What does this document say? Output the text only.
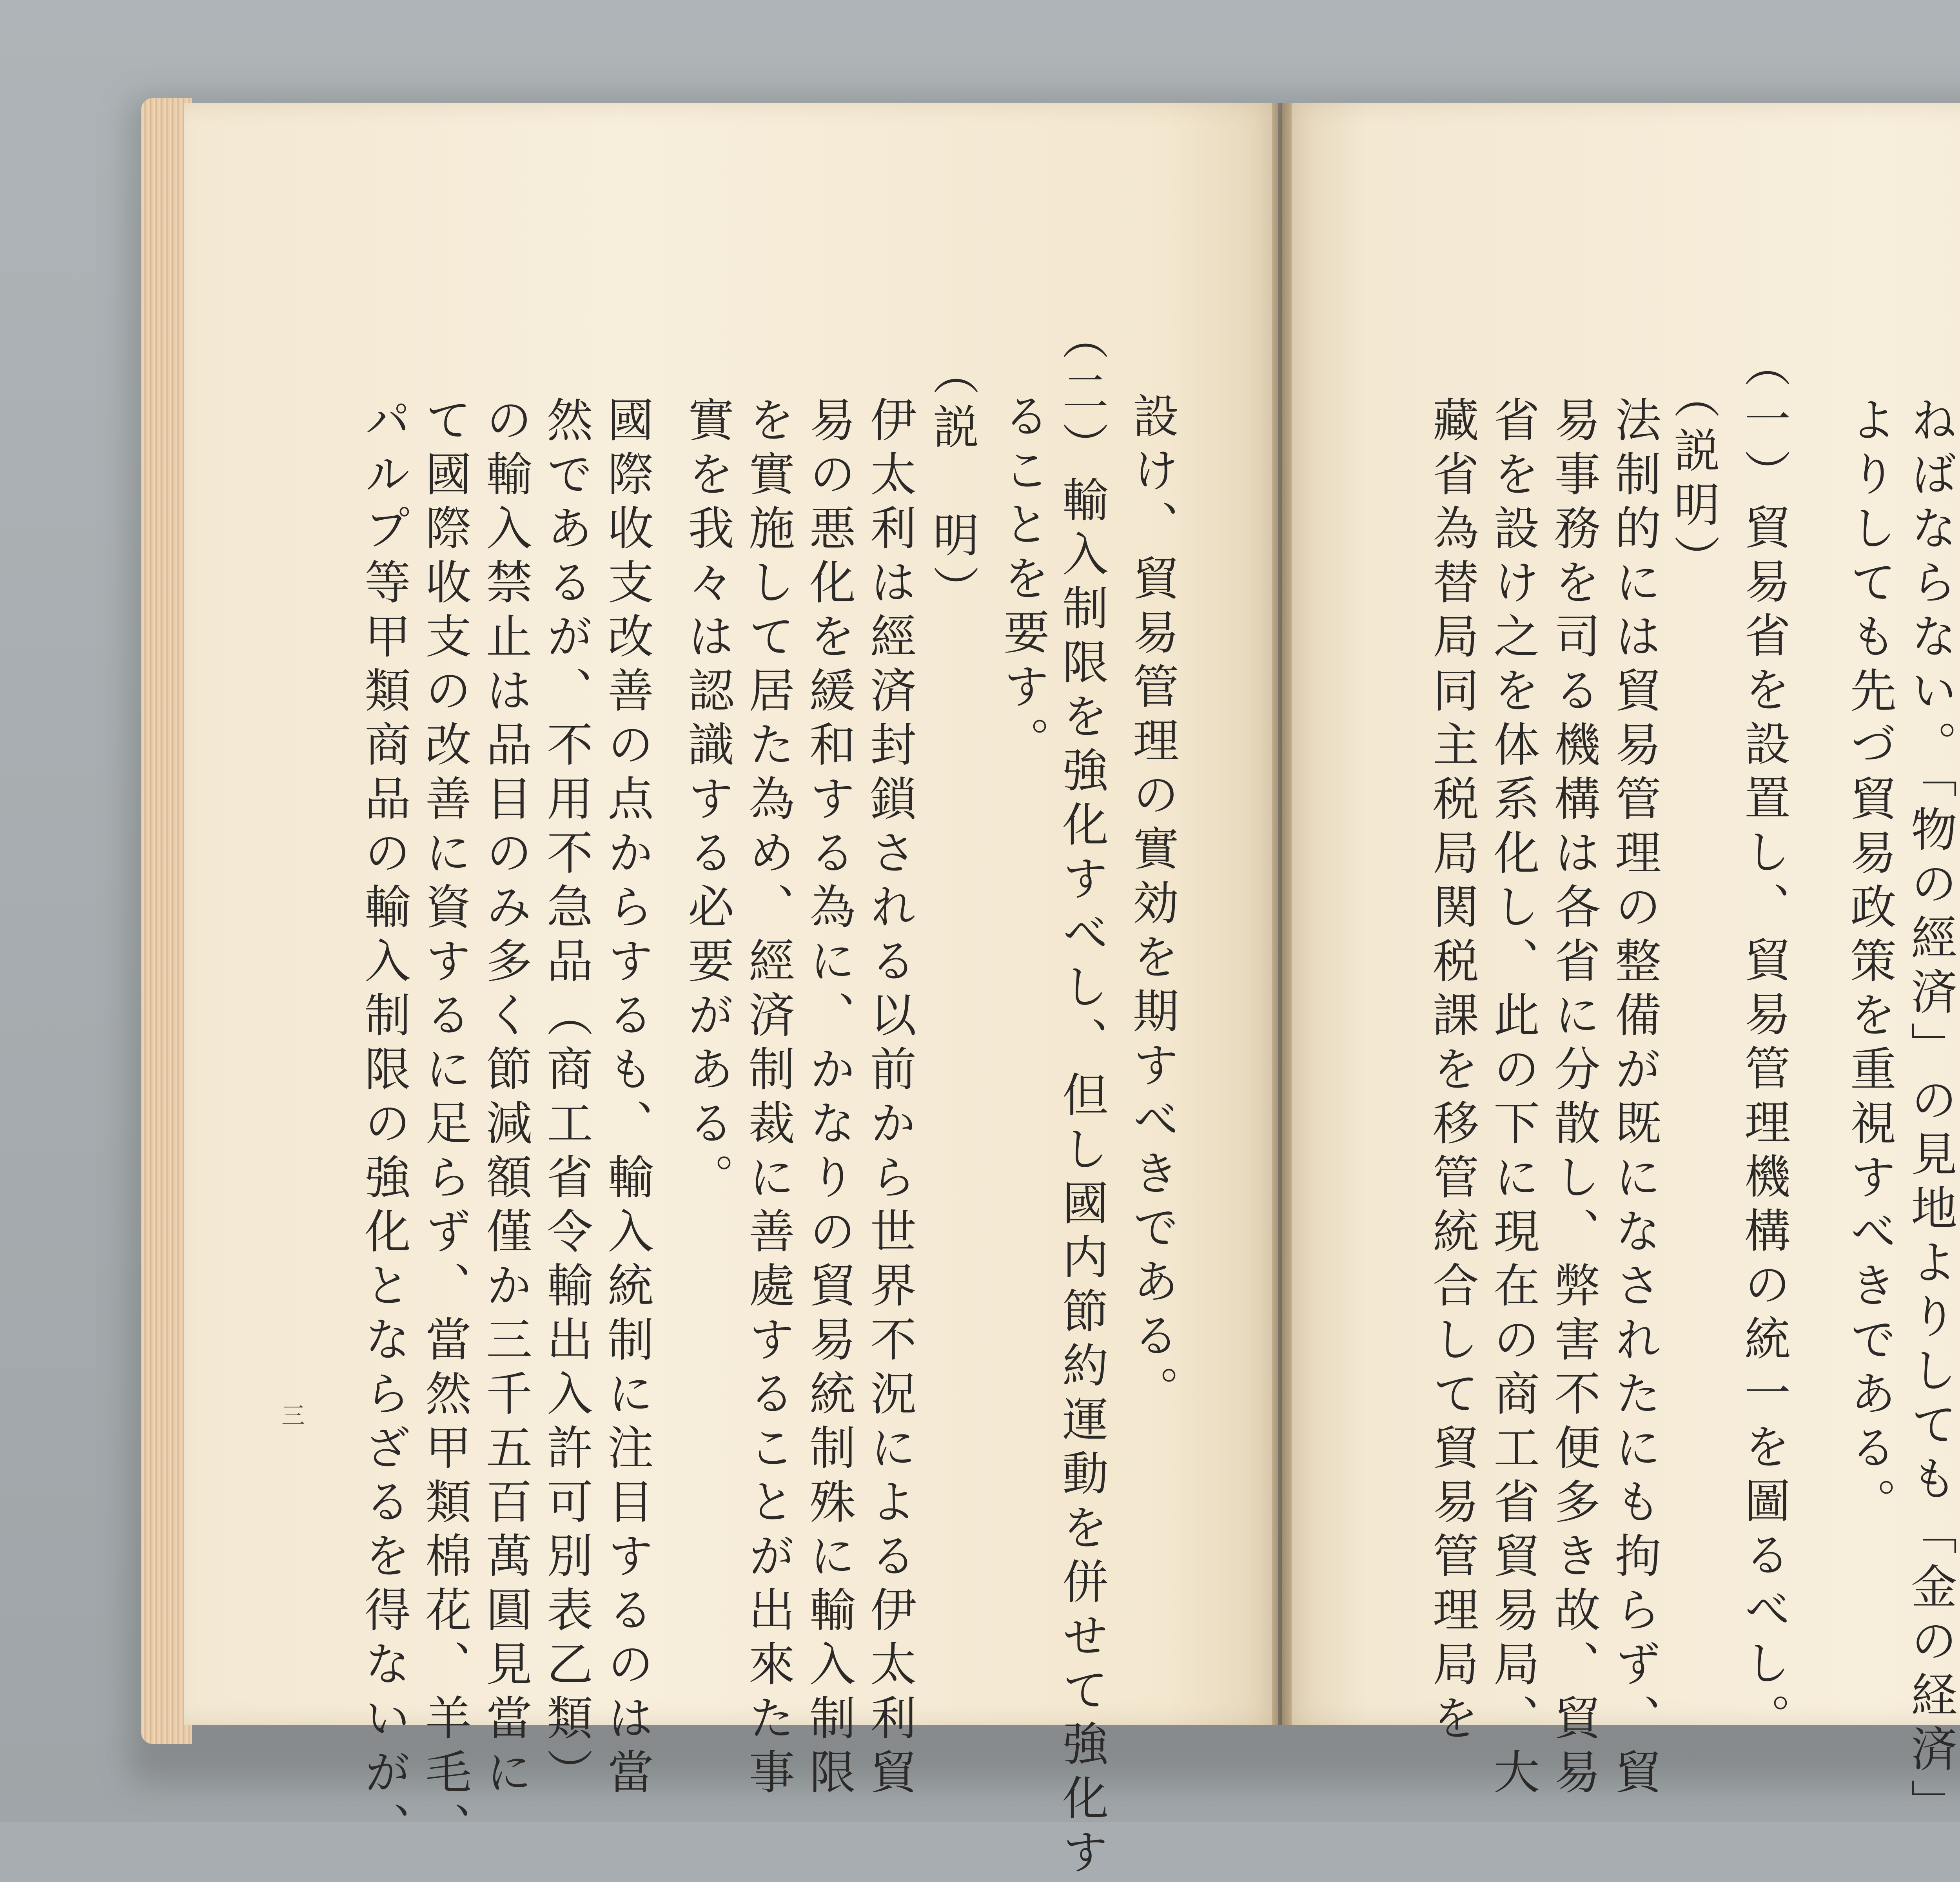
ねばならない。「物の經済」の見地よりしても「金の経済」
よりしても先づ貿易政策を重視すべきである。
（一）貿易省を設置し、貿易管理機構の統一を圖るべし。
（説明）
法制的には貿易管理の整備が既になされたにも拘らず、貿
易事務を司る機構は各省に分散し、弊害不便多き故、貿易
省を設け之を体系化し、此の下に現在の商工省貿易局、大
藏省為替局同主税局関税課を移管統合して貿易管理局を
設け、貿易管理の實効を期すべきである。
（二）輸入制限を強化すべし、但し國内節約運動を併せて強化す
ることを要す。
（説　明）
伊太利は經済封鎖される以前から世界不況による伊太利貿
易の悪化を緩和する為に、かなりの貿易統制殊に輸入制限
を實施して居た為め、經済制裁に善處することが出來た事
實を我々は認識する必要がある。
國際收支改善の点からするも、輸入統制に注目するのは當
然であるが、不用不急品（商工省令輸出入許可別表乙類）
の輸入禁止は品目のみ多く節減額僅か三千五百萬圓見當に
て國際收支の改善に資するに足らず、當然甲類棉花、羊毛、
パルプ等甲類商品の輸入制限の強化とならざるを得ないが、
三
